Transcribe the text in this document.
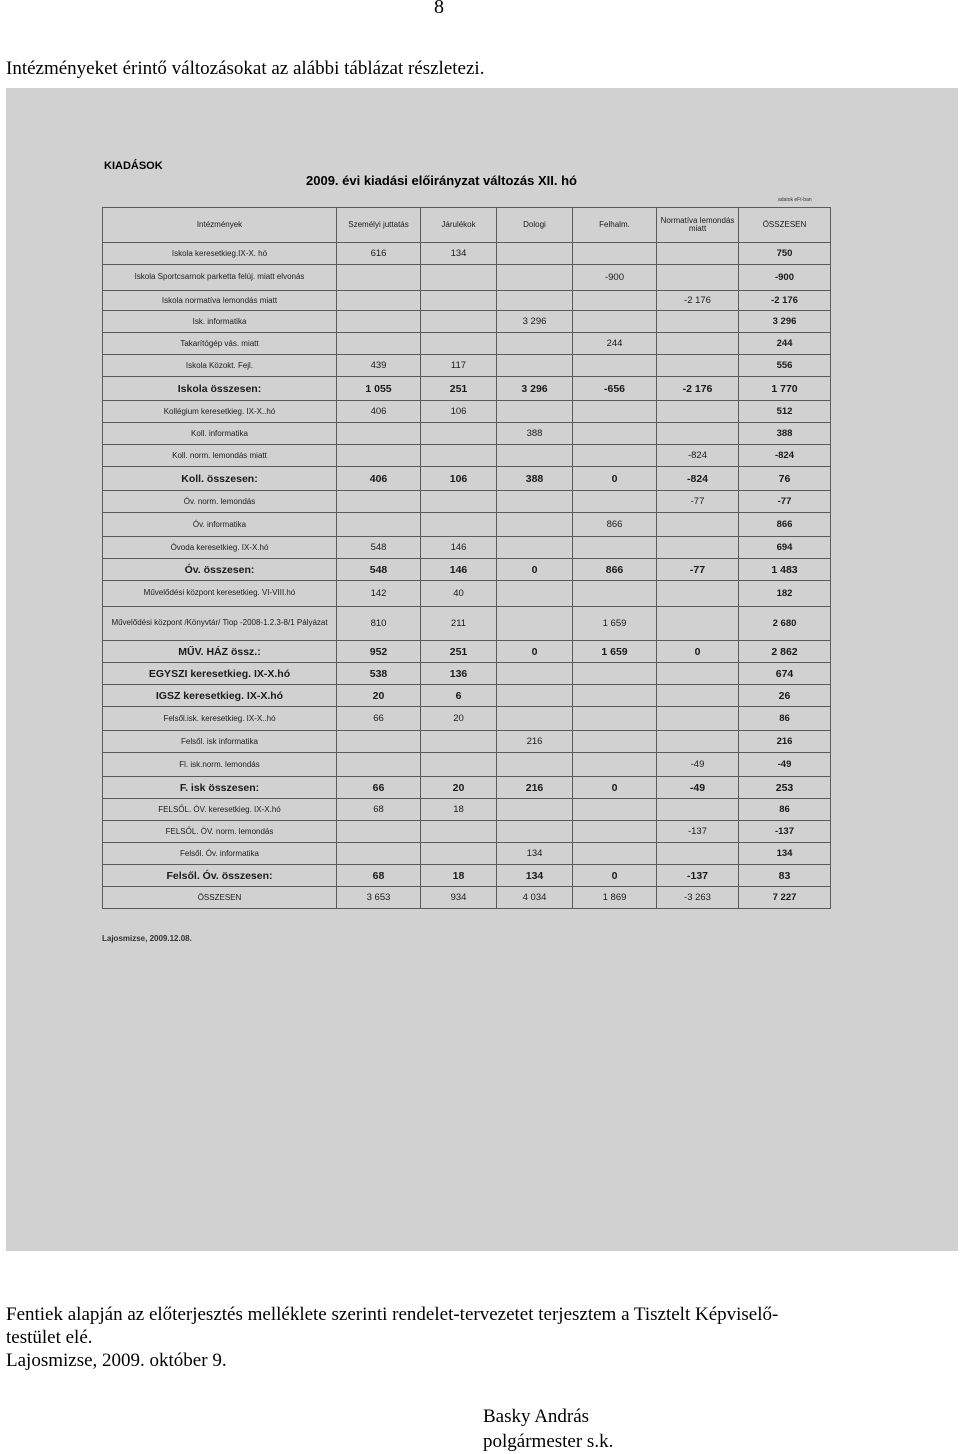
8
Intézményeket érintő változásokat az alábbi táblázat részletezi.
KIADÁSOK
2009. évi kiadási előirányzat változás XII. hó
adatok eFt-ban
Intézmények	Személyi juttatás	Járulékok	Dologi	Felhalm.	Normatíva lemondás miatt	ÖSSZESEN
Iskola keresetkieg.IX-X. hó	616	134				750
Iskola Sportcsarnok parketta felúj. miatt elvonás				-900		-900
Iskola normatíva lemondás miatt					-2 176	-2 176
Isk. informatika			3 296			3 296
Takarítógép vás. miatt				244		244
Iskola Közokt. Fejl.	439	117				556
Iskola összesen:	1 055	251	3 296	-656	-2 176	1 770
Kollégium keresetkieg. IX-X..hó	406	106				512
Koll. informatika			388			388
Koll. norm. lemondás miatt					-824	-824
Koll. összesen:	406	106	388	0	-824	76
Óv. norm. lemondás					-77	-77
Óv. informatika				866		866
Óvoda keresetkieg. IX-X.hó	548	146				694
Óv. összesen:	548	146	0	866	-77	1 483
Művelődési központ keresetkieg. VI-VIII.hó	142	40				182
Művelődési központ /Könyvtár/ Tiop -2008-1.2.3-8/1 Pályázat	810	211		1 659		2 680
MŰV. HÁZ össz.:	952	251	0	1 659	0	2 862
EGYSZI keresetkieg. IX-X.hó	538	136				674
IGSZ keresetkieg. IX-X.hó	20	6				26
Felsől.isk. keresetkieg. IX-X..hó	66	20				86
Felsől. isk informatika			216			216
Fl. isk.norm. lemondás					-49	-49
F. isk összesen:	66	20	216	0	-49	253
FELSŐL. ÓV. keresetkieg. IX-X.hó	68	18				86
FELSŐL. ÓV. norm. lemondás					-137	-137
Felsől. Óv. informatika			134			134
Felsől. Óv. összesen:	68	18	134	0	-137	83
ÖSSZESEN	3 653	934	4 034	1 869	-3 263	7 227
Lajosmizse, 2009.12.08.

Fentiek alapján az előterjesztés melléklete szerinti rendelet-tervezetet terjesztem a Tisztelt Képviselő-

testület elé.

Lajosmizse, 2009. október 9.

Basky András

polgármester s.k.
